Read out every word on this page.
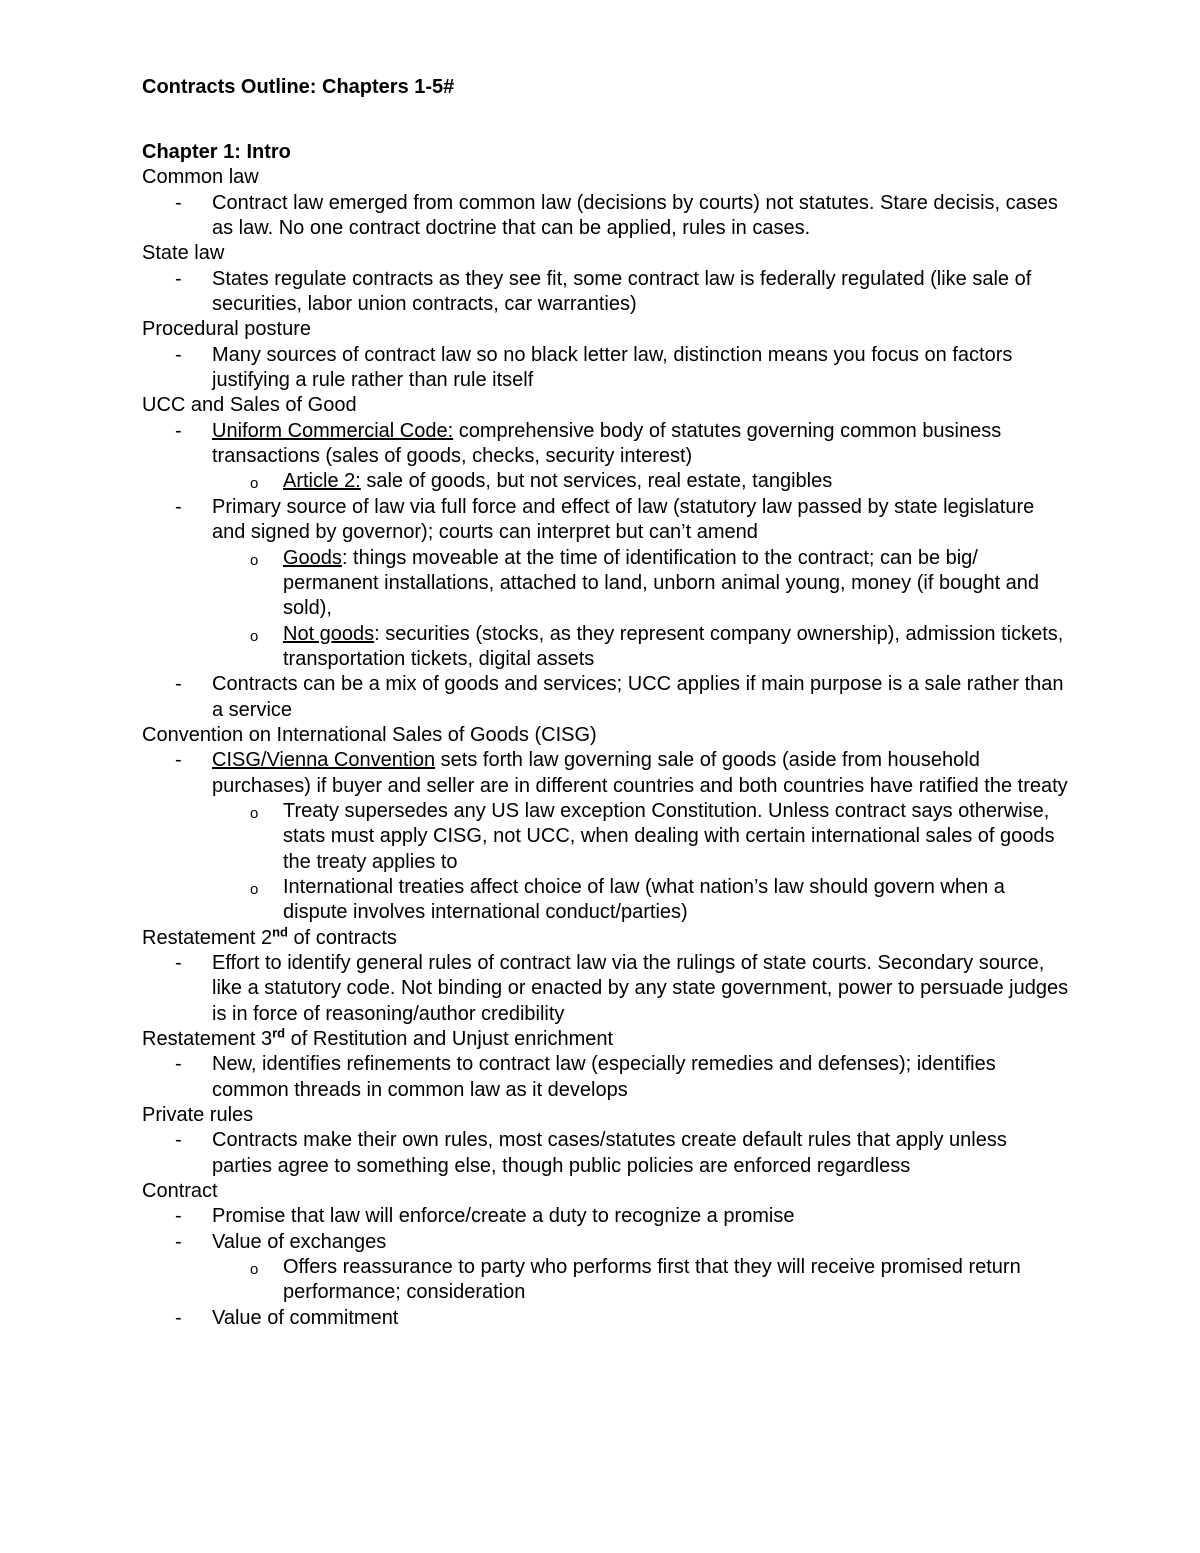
Contracts Outline: Chapters 1-5#

Chapter 1: Intro

Common law

- Contract law emerged from common law (decisions by courts) not statutes. Stare decisis, cases as law. No one contract doctrine that can be applied, rules in cases.

State law

- States regulate contracts as they see fit, some contract law is federally regulated (like sale of securities, labor union contracts, car warranties)

Procedural posture

- Many sources of contract law so no black letter law, distinction means you focus on factors justifying a rule rather than rule itself

UCC and Sales of Good

- Uniform Commercial Code: comprehensive body of statutes governing common business transactions (sales of goods, checks, security interest)

o Article 2: sale of goods, but not services, real estate, tangibles

- Primary source of law via full force and effect of law (statutory law passed by state legislature and signed by governor); courts can interpret but can’t amend

o Goods: things moveable at the time of identification to the contract; can be big/ permanent installations, attached to land, unborn animal young, money (if bought and sold),

o Not goods: securities (stocks, as they represent company ownership), admission tickets, transportation tickets, digital assets

- Contracts can be a mix of goods and services; UCC applies if main purpose is a sale rather than a service

Convention on International Sales of Goods (CISG)

- CISG/Vienna Convention sets forth law governing sale of goods (aside from household purchases) if buyer and seller are in different countries and both countries have ratified the treaty

o Treaty supersedes any US law exception Constitution. Unless contract says otherwise, stats must apply CISG, not UCC, when dealing with certain international sales of goods the treaty applies to

o International treaties affect choice of law (what nation’s law should govern when a dispute involves international conduct/parties)

Restatement 2nd of contracts

- Effort to identify general rules of contract law via the rulings of state courts. Secondary source, like a statutory code. Not binding or enacted by any state government, power to persuade judges is in force of reasoning/author credibility

Restatement 3rd of Restitution and Unjust enrichment

- New, identifies refinements to contract law (especially remedies and defenses); identifies common threads in common law as it develops

Private rules

- Contracts make their own rules, most cases/statutes create default rules that apply unless parties agree to something else, though public policies are enforced regardless

Contract

- Promise that law will enforce/create a duty to recognize a promise

- Value of exchanges

o Offers reassurance to party who performs first that they will receive promised return performance; consideration

- Value of commitment
